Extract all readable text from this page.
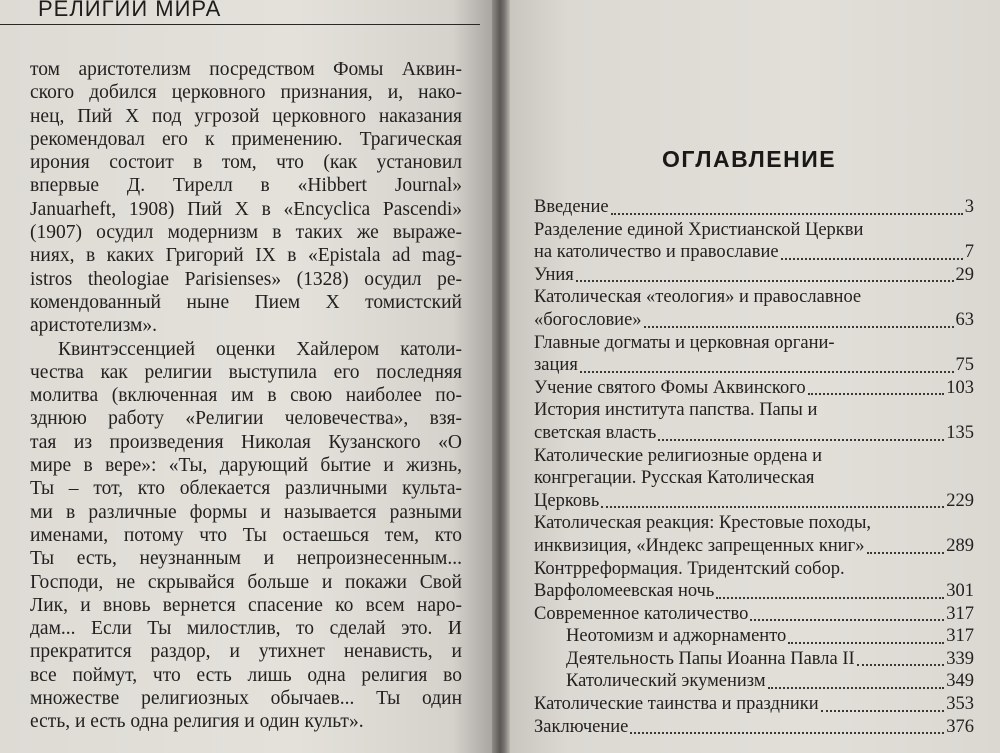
РЕЛИГИИ МИРА
том аристотелизм посредством Фомы Аквин-
ского добился церковного признания, и, нако-
нец, Пий X под угрозой церковного наказания
рекомендовал его к применению. Трагическая
ирония состоит в том, что (как установил
впервые Д. Тирелл в «Hibbert Journal»
Januarheft, 1908) Пий X в «Encyclica Pascendi»
(1907) осудил модернизм в таких же выраже-
ниях, в каких Григорий IX в «Epistala ad mag-
istros theologiae Parisienses» (1328) осудил ре-
комендованный ныне Пием X томистский
аристотелизм».
Квинтэссенцией оценки Хайлером католи-
чества как религии выступила его последняя
молитва (включенная им в свою наиболее по-
зднюю работу «Религии человечества», взя-
тая из произведения Николая Кузанского «О
мире в вере»: «Ты, дарующий бытие и жизнь,
Ты – тот, кто облекается различными культа-
ми в различные формы и называется разными
именами, потому что Ты остаешься тем, кто
Ты есть, неузнанным и непроизнесенным...
Господи, не скрывайся больше и покажи Свой
Лик, и вновь вернется спасение ко всем наро-
дам... Если Ты милостлив, то сделай это. И
прекратится раздор, и утихнет ненависть, и
все поймут, что есть лишь одна религия во
множестве религиозных обычаев... Ты один
есть, и есть одна религия и один культ».
ОГЛАВЛЕНИЕ
Введение	3
Разделение единой Христианской Церкви
на католичество и православие	7
Уния	29
Католическая «теология» и православное
«богословие»	63
Главные догматы и церковная органи-
зация	75
Учение святого Фомы Аквинского	103
История института папства. Папы и
светская власть	135
Католические религиозные ордена и
конгрегации. Русская Католическая
Церковь	229
Католическая реакция: Крестовые походы,
инквизиция, «Индекс запрещенных книг»	289
Контрреформация. Тридентский собор.
Варфоломеевская ночь	301
Современное католичество	317
Неотомизм и аджорнаменто	317
Деятельность Папы Иоанна Павла II	339
Католический экуменизм	349
Католические таинства и праздники	353
Заключение	376
